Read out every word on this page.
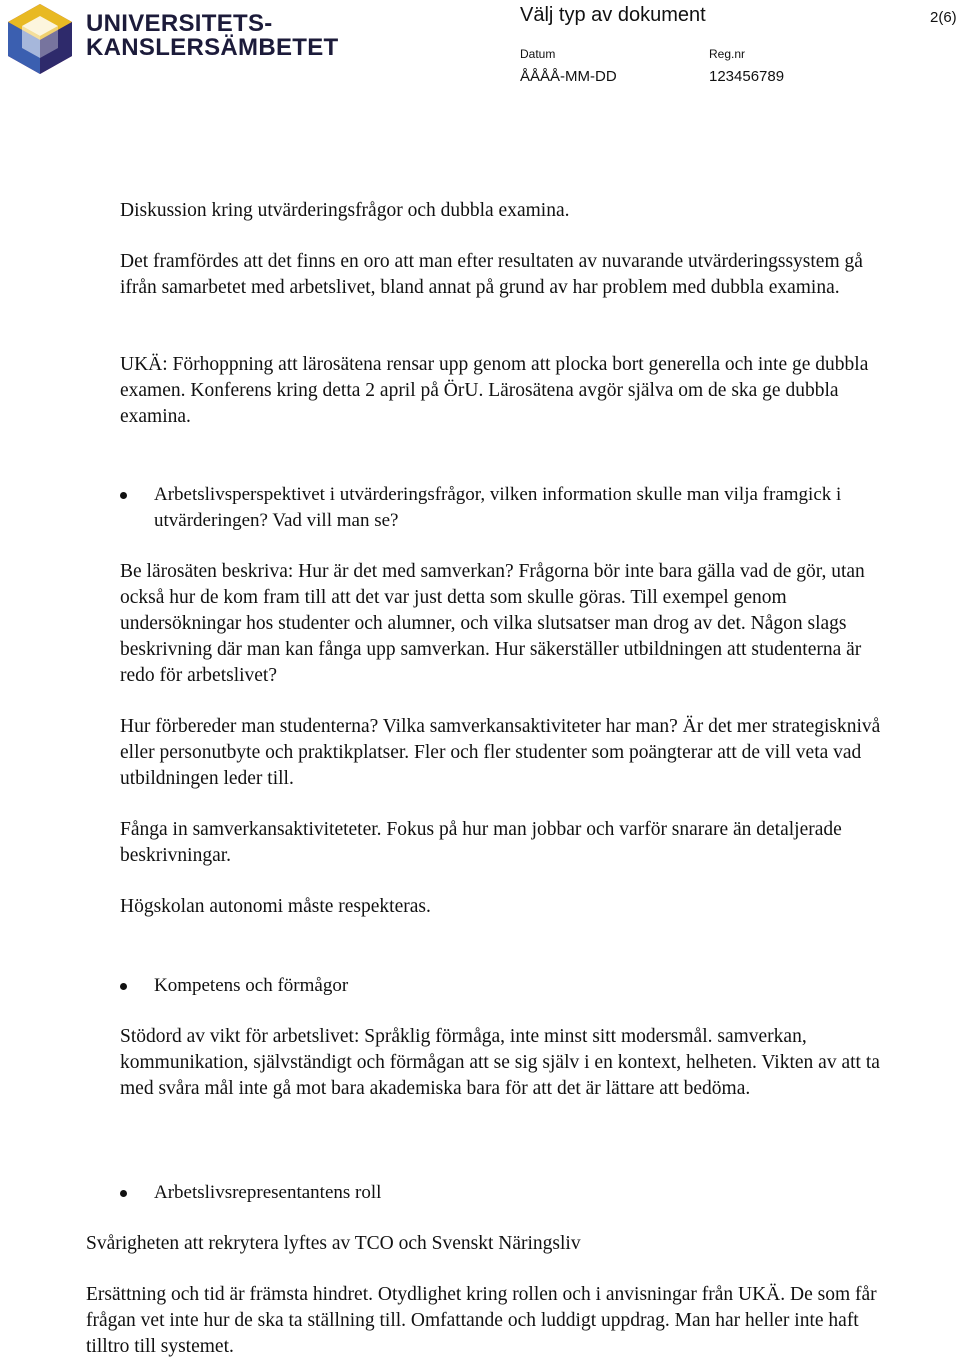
UNIVERSITETS-
KANSLERSÄMBETET
Välj typ av dokument	2(6)
Datum
ÅÅÅÅ-MM-DD
Reg.nr
123456789

Diskussion kring utvärderingsfrågor och dubbla examina.

Det framfördes att det finns en oro att man efter resultaten av nuvarande utvärderingssystem gå ifrån samarbetet med arbetslivet, bland annat på grund av har problem med dubbla examina.

UKÄ: Förhoppning att lärosätena rensar upp genom att plocka bort generella och inte ge dubbla examen. Konferens kring detta 2 april på ÖrU. Lärosätena avgör själva om de ska ge dubbla examina.

Arbetslivsperspektivet i utvärderingsfrågor, vilken information skulle man vilja framgick i utvärderingen? Vad vill man se?

Be lärosäten beskriva: Hur är det med samverkan? Frågorna bör inte bara gälla vad de gör, utan också hur de kom fram till att det var just detta som skulle göras. Till exempel genom undersökningar hos studenter och alumner, och vilka slutsatser man drog av det. Någon slags beskrivning där man kan fånga upp samverkan. Hur säkerställer utbildningen att studenterna är redo för arbetslivet?

Hur förbereder man studenterna? Vilka samverkansaktiviteter har man? Är det mer strategisknivå eller personutbyte och praktikplatser. Fler och fler studenter som poängterar att de vill veta vad utbildningen leder till.

Fånga in samverkansaktiviteteter. Fokus på hur man jobbar och varför snarare än detaljerade beskrivningar.

Högskolan autonomi måste respekteras.

Kompetens och förmågor

Stödord av vikt för arbetslivet: Språklig förmåga, inte minst sitt modersmål. samverkan, kommunikation, självständigt och förmågan att se sig själv i en kontext, helheten. Vikten av att ta med svåra mål inte gå mot bara akademiska bara för att det är lättare att bedöma.

Arbetslivsrepresentantens roll

Svårigheten att rekrytera lyftes av TCO och Svenskt Näringsliv

Ersättning och tid är främsta hindret. Otydlighet kring rollen och i anvisningar från UKÄ. De som får frågan vet inte hur de ska ta ställning till. Omfattande och luddigt uppdrag. Man har heller inte haft tilltro till systemet.
